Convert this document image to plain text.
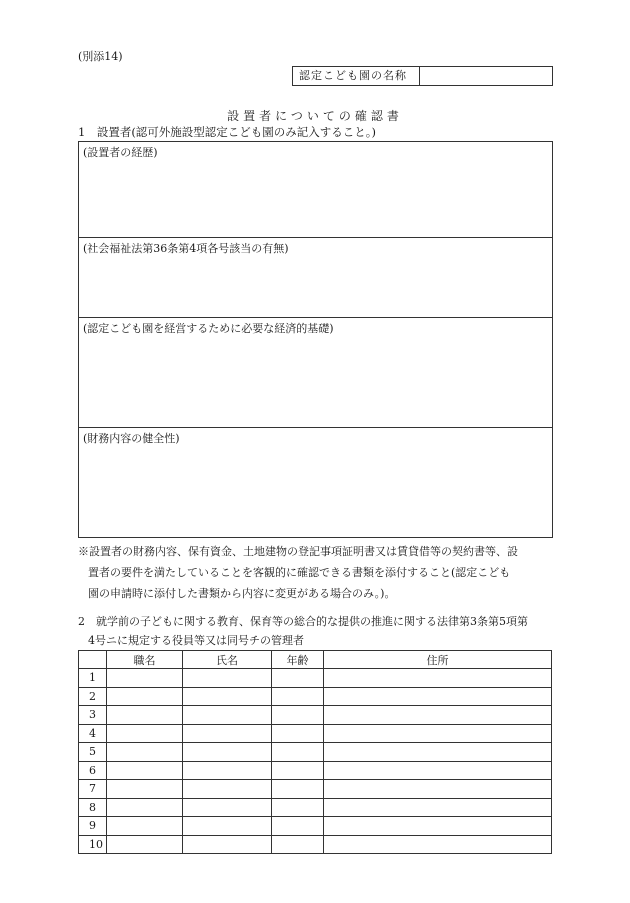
(別添14)
認定こども園の名称
設置者についての確認書
1　設置者(認可外施設型認定こども園のみ記入すること。)
(設置者の経歴)
(社会福祉法第36条第4項各号該当の有無)
(認定こども園を経営するために必要な経済的基礎)
(財務内容の健全性)
※設置者の財務内容、保有資金、土地建物の登記事項証明書又は賃貸借等の契約書等、設
置者の要件を満たしていることを客観的に確認できる書類を添付すること(認定こども
園の申請時に添付した書類から内容に変更がある場合のみ。)。
2　就学前の子どもに関する教育、保育等の総合的な提供の推進に関する法律第3条第5項第
4号ニに規定する役員等又は同号チの管理者
	職名	氏名	年齢	住所
1				
2				
3				
4				
5				
6				
7				
8				
9				
10				
